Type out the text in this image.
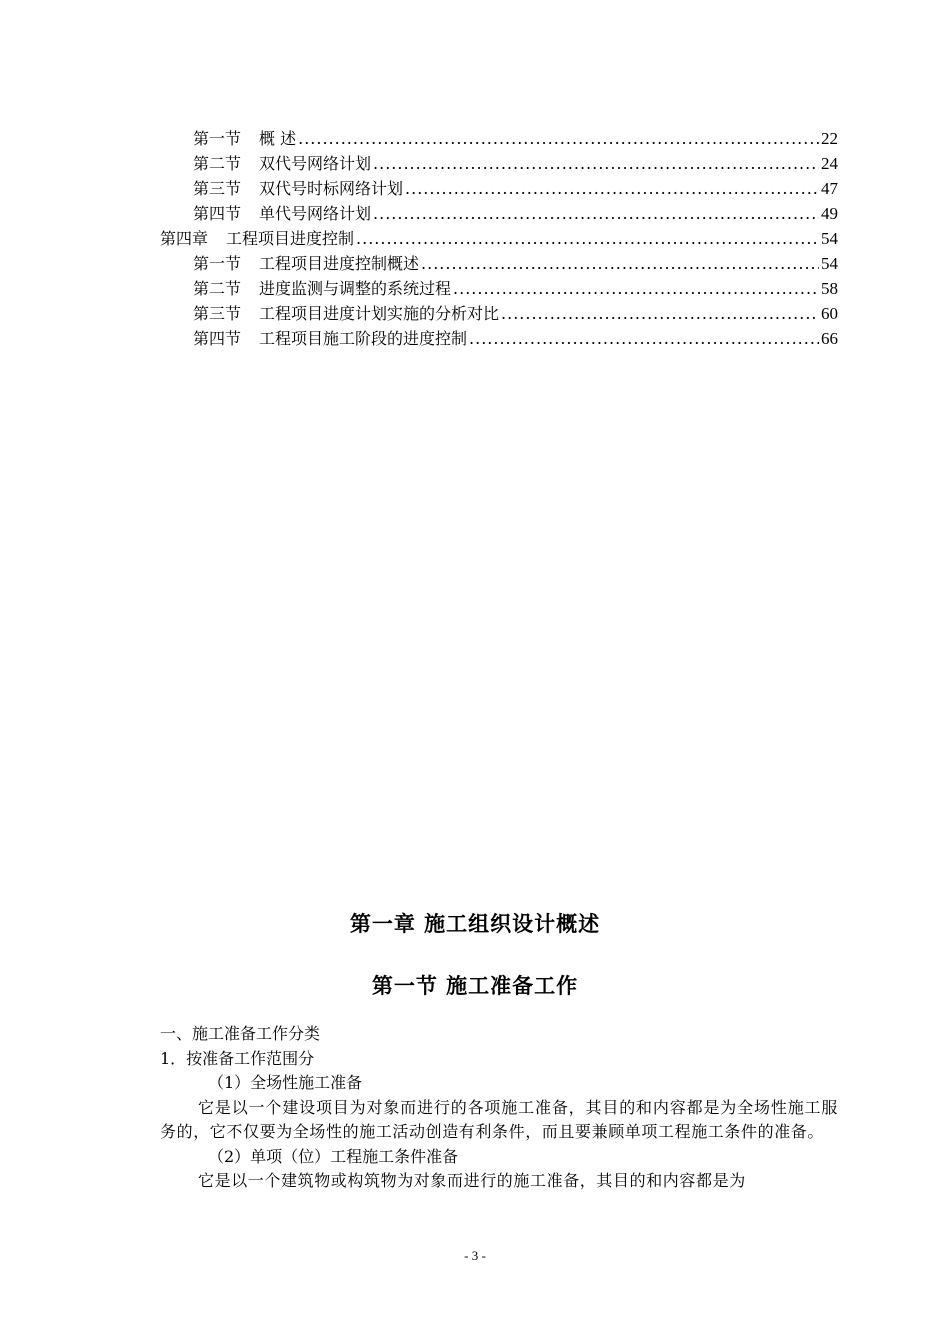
第一节 概 述 .....	22
第二节 双代号网络计划 .....	24
第三节 双代号时标网络计划 .....	47
第四节 单代号网络计划 .....	49
第四章 工程项目进度控制 .....	54
第一节 工程项目进度控制概述 .....	54
第二节 进度监测与调整的系统过程 .....	58
第三节 工程项目进度计划实施的分析对比 .....	60
第四节 工程项目施工阶段的进度控制 .....	66
第一章 施工组织设计概述
第一节 施工准备工作

一、施工准备工作分类

1．按准备工作范围分

（1）全场性施工准备

它是以一个建设项目为对象而进行的各项施工准备，其目的和内容都是为全场性施工服务的，它不仅要为全场性的施工活动创造有利条件，而且要兼顾单项工程施工条件的准备。

（2）单项（位）工程施工条件准备

它是以一个建筑物或构筑物为对象而进行的施工准备，其目的和内容都是为

- 3 -
